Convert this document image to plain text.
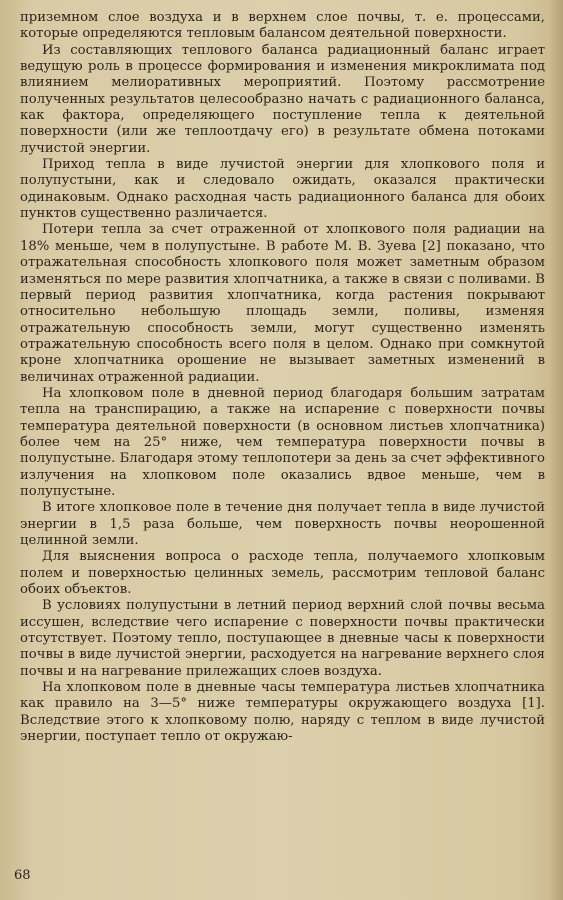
приземном слое воздуха и в верхнем слое почвы, т. е. процессами, которые определяются тепловым балансом деятельной поверхности.

Из составляющих теплового баланса радиационный баланс играет ведущую роль в процессе формирования и изменения микроклимата под влиянием мелиоративных мероприятий. Поэтому рассмотрение полученных результатов целесообразно начать с радиационного баланса, как фактора, определяющего поступление тепла к деятельной поверхности (или же теплоотдачу его) в результате обмена потоками лучистой энергии.

Приход тепла в виде лучистой энергии для хлопкового поля и полупустыни, как и следовало ожидать, оказался практически одинаковым. Однако расходная часть радиационного баланса для обоих пунктов существенно различается.

Потери тепла за счет отраженной от хлопкового поля радиации на 18% меньше, чем в полупустыне. В работе М. В. Зуева [2] показано, что отражательная способность хлопкового поля может заметным образом изменяться по мере развития хлопчатника, а также в связи с поливами. В первый период развития хлопчатника, когда растения покрывают относительно небольшую площадь земли, поливы, изменяя отражательную способность земли, могут существенно изменять отражательную способность всего поля в целом. Однако при сомкнутой кроне хлопчатника орошение не вызывает заметных изменений в величинах отраженной радиации.

На хлопковом поле в дневной период благодаря большим затратам тепла на транспирацию, а также на испарение с поверхности почвы температура деятельной поверхности (в основном листьев хлопчатника) более чем на 25° ниже, чем температура поверхности почвы в полупустыне. Благодаря этому теплопотери за день за счет эффективного излучения на хлопковом поле оказались вдвое меньше, чем в полупустыне.

В итоге хлопковое поле в течение дня получает тепла в виде лучистой энергии в 1,5 раза больше, чем поверхность почвы неорошенной целинной земли.

Для выяснения вопроса о расходе тепла, получаемого хлопковым полем и поверхностью целинных земель, рассмотрим тепловой баланс обоих объектов.

В условиях полупустыни в летний период верхний слой почвы весьма иссушен, вследствие чего испарение с поверхности почвы практически отсутствует. Поэтому тепло, поступающее в дневные часы к поверхности почвы в виде лучистой энергии, расходуется на нагревание верхнего слоя почвы и на нагревание прилежащих слоев воздуха.

На хлопковом поле в дневные часы температура листьев хлопчатника как правило на 3—5° ниже температуры окружающего воздуха [1]. Вследствие этого к хлопковому полю, наряду с теплом в виде лучистой энергии, поступает тепло от окружаю-

68
